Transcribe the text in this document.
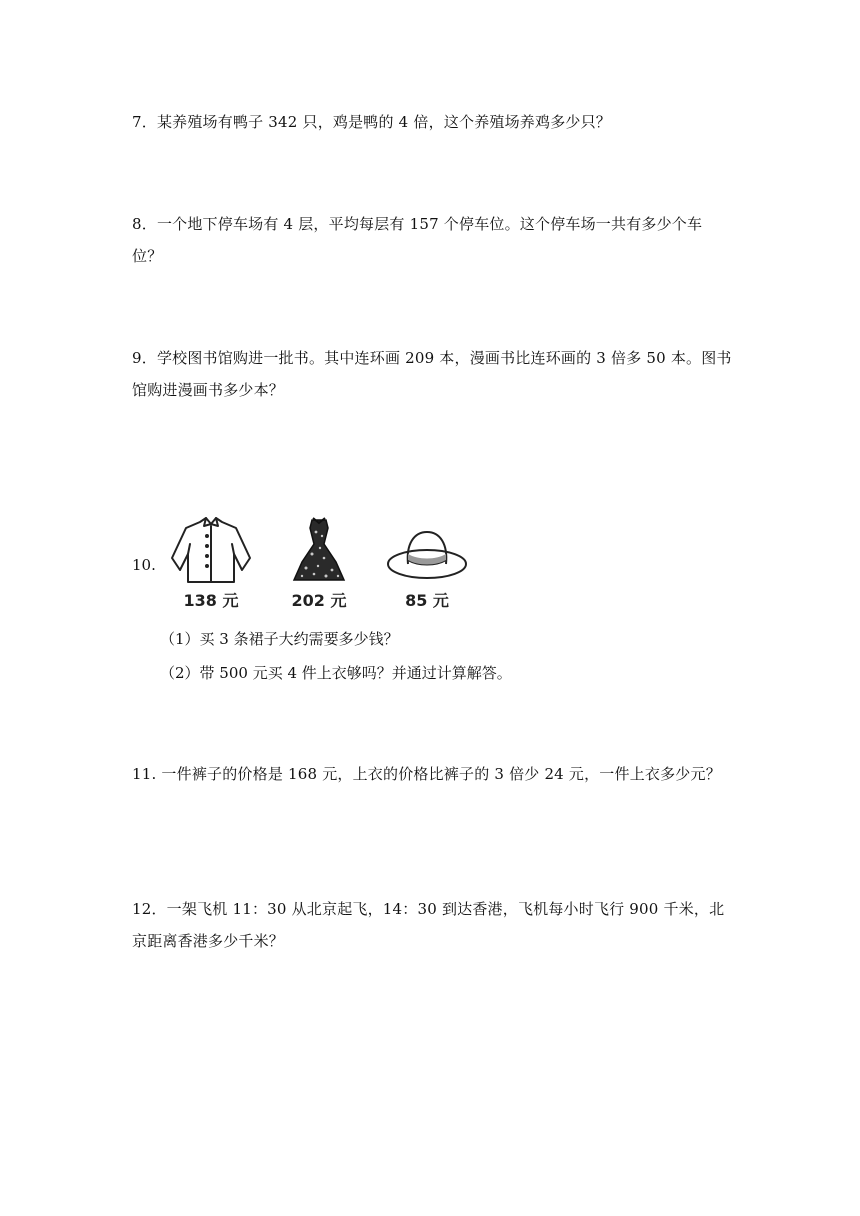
7．某养殖场有鸭子 342 只，鸡是鸭的 4 倍，这个养殖场养鸡多少只？
8．一个地下停车场有 4 层，平均每层有 157 个停车位。这个停车场一共有多少个车位？
9．学校图书馆购进一批书。其中连环画 209 本，漫画书比连环画的 3 倍多 50 本。图书馆购进漫画书多少本？
10.
138 元	202 元	85 元
（1）买 3 条裙子大约需要多少钱？
（2）带 500 元买 4 件上衣够吗？并通过计算解答。
11. 一件裤子的价格是 168 元，上衣的价格比裤子的 3 倍少 24 元，一件上衣多少元？
12．一架飞机 11：30 从北京起飞，14：30 到达香港，飞机每小时飞行 900 千米，北京距离香港多少千米？
